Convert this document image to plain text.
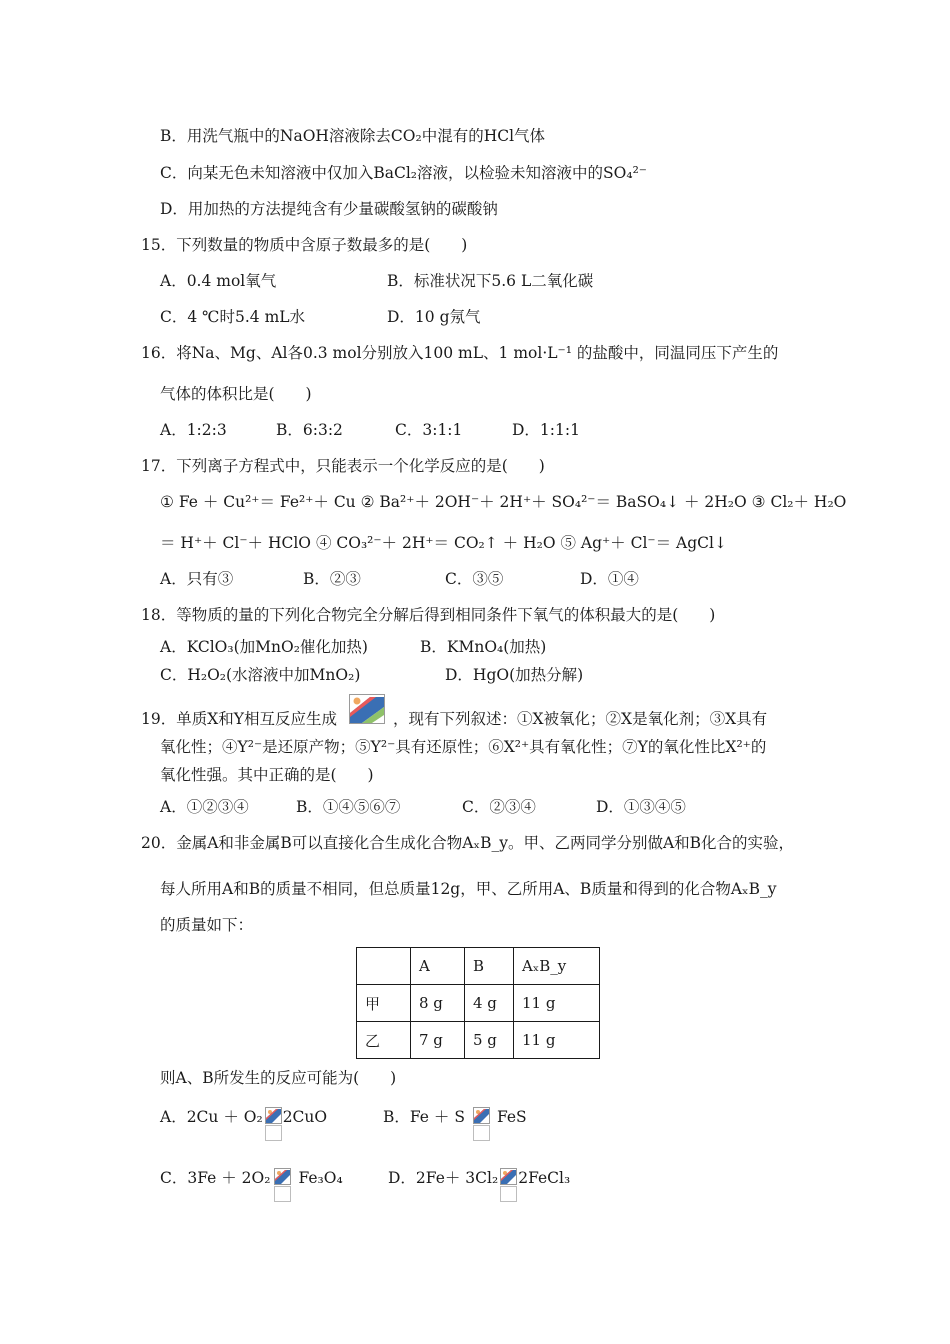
B．用洗气瓶中的NaOH溶液除去CO₂中混有的HCl气体
C．向某无色未知溶液中仅加入BaCl₂溶液，以检验未知溶液中的SO₄²⁻
D．用加热的方法提纯含有少量碳酸氢钠的碳酸钠
15．下列数量的物质中含原子数最多的是(　　)
A．0.4 mol氧气	B．标准状况下5.6 L二氧化碳
C．4 ℃时5.4 mL水	D．10 g氖气
16．将Na、Mg、Al各0.3 mol分别放入100 mL、1 mol·L⁻¹ 的盐酸中，同温同压下产生的
气体的体积比是(　　)
A．1:2:3	B．6:3:2	C．3:1:1	D．1:1:1
17．下列离子方程式中，只能表示一个化学反应的是(　　)
① Fe ＋ Cu²⁺＝ Fe²⁺＋ Cu ② Ba²⁺＋ 2OH⁻＋ 2H⁺＋ SO₄²⁻＝ BaSO₄↓ ＋ 2H₂O ③ Cl₂＋ H₂O
＝ H⁺＋ Cl⁻＋ HClO ④ CO₃²⁻＋ 2H⁺＝ CO₂↑ ＋ H₂O ⑤ Ag⁺＋ Cl⁻＝ AgCl↓
A．只有③	B．②③	C．③⑤	D．①④
18．等物质的量的下列化合物完全分解后得到相同条件下氧气的体积最大的是(　　)
A．KClO₃(加MnO₂催化加热)	B．KMnO₄(加热)
C．H₂O₂(水溶液中加MnO₂)	D．HgO(加热分解)
19．单质X和Y相互反应生成	，现有下列叙述：①X被氧化；②X是氧化剂；③X具有
氧化性；④Y²⁻是还原产物；⑤Y²⁻具有还原性；⑥X²⁺具有氧化性；⑦Y的氧化性比X²⁺的
氧化性强。其中正确的是(　　)
A．①②③④	B．①④⑤⑥⑦	C．②③④	D．①③④⑤
20．金属A和非金属B可以直接化合生成化合物AₓB_y。甲、乙两同学分别做A和B化合的实验，
每人所用A和B的质量不相同，但总质量12g，甲、乙所用A、B质量和得到的化合物AₓB_y
的质量如下：
	A	B	AₓB_y
甲	8 g	4 g	11 g
乙	7 g	5 g	11 g
则A、B所发生的反应可能为(　　)
A．2Cu ＋ O₂ 2CuO	B．Fe ＋ S FeS
C．3Fe ＋ 2O₂ Fe₃O₄	D．2Fe＋ 3Cl₂ 2FeCl₃
